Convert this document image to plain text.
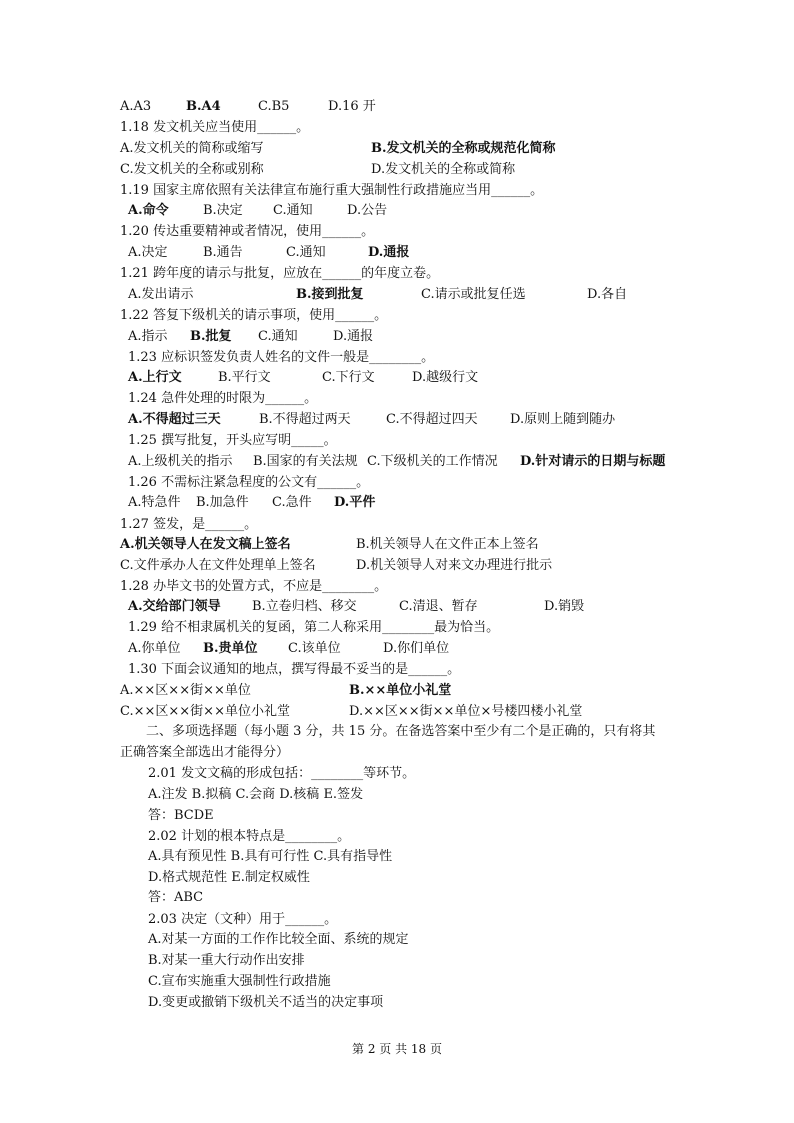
A.A3	B.A4	C.B5	D.16 开
1.18 发文机关应当使用______。
A.发文机关的简称或缩写	B.发文机关的全称或规范化简称
C.发文机关的全称或别称	D.发文机关的全称或简称
1.19 国家主席依照有关法律宣布施行重大强制性行政措施应当用______。
A.命令	B.决定 C.通知	D.公告
1.20 传达重要精神或者情况，使用______。
A.决定	B.通告	C.通知	D.通报
1.21 跨年度的请示与批复，应放在______的年度立卷。
A.发出请示	B.接到批复	C.请示或批复任选	D.各自
1.22 答复下级机关的请示事项，使用______。
A.指示 B.批复 C.通知	D.通报
1.23 应标识签发负责人姓名的文件一般是________。
A.上行文	B.平行文	C.下行文	D.越级行文
1.24 急件处理的时限为______。
A.不得超过三天	B.不得超过两天	C.不得超过四天 D.原则上随到随办
1.25 撰写批复，开头应写明_____。
A.上级机关的指示 B.国家的有关法规 C.下级机关的工作情况 D.针对请示的日期与标题
1.26 不需标注紧急程度的公文有______。
A.特急件 B.加急件 C.急件 D.平件
1.27 签发，是______。
A.机关领导人在发文稿上签名	B.机关领导人在文件正本上签名
C.文件承办人在文件处理单上签名	D.机关领导人对来文办理进行批示
1.28 办毕文书的处置方式，不应是________。
A.交给部门领导 B.立卷归档、移交	C.清退、暂存	D.销毁
1.29 给不相隶属机关的复函，第二人称采用________最为恰当。
A.你单位 B.贵单位 C.该单位	D.你们单位
1.30 下面会议通知的地点，撰写得最不妥当的是______。
A.××区××街××单位	B.××单位小礼堂
C.××区××街××单位小礼堂	D.××区××街××单位×号楼四楼小礼堂
二、多项选择题（每小题 3 分，共 15 分。在备选答案中至少有二个是正确的，只有将其
正确答案全部选出才能得分）
2.01 发文文稿的形成包括：________等环节。
A.注发 B.拟稿 C.会商 D.核稿 E.签发
答：BCDE
2.02 计划的根本特点是________。
A.具有预见性 B.具有可行性 C.具有指导性
D.格式规范性 E.制定权威性
答：ABC
2.03 决定（文种）用于______。
A.对某一方面的工作作比较全面、系统的规定
B.对某一重大行动作出安排
C.宣布实施重大强制性行政措施
D.变更或撤销下级机关不适当的决定事项
第 2 页 共 18 页
